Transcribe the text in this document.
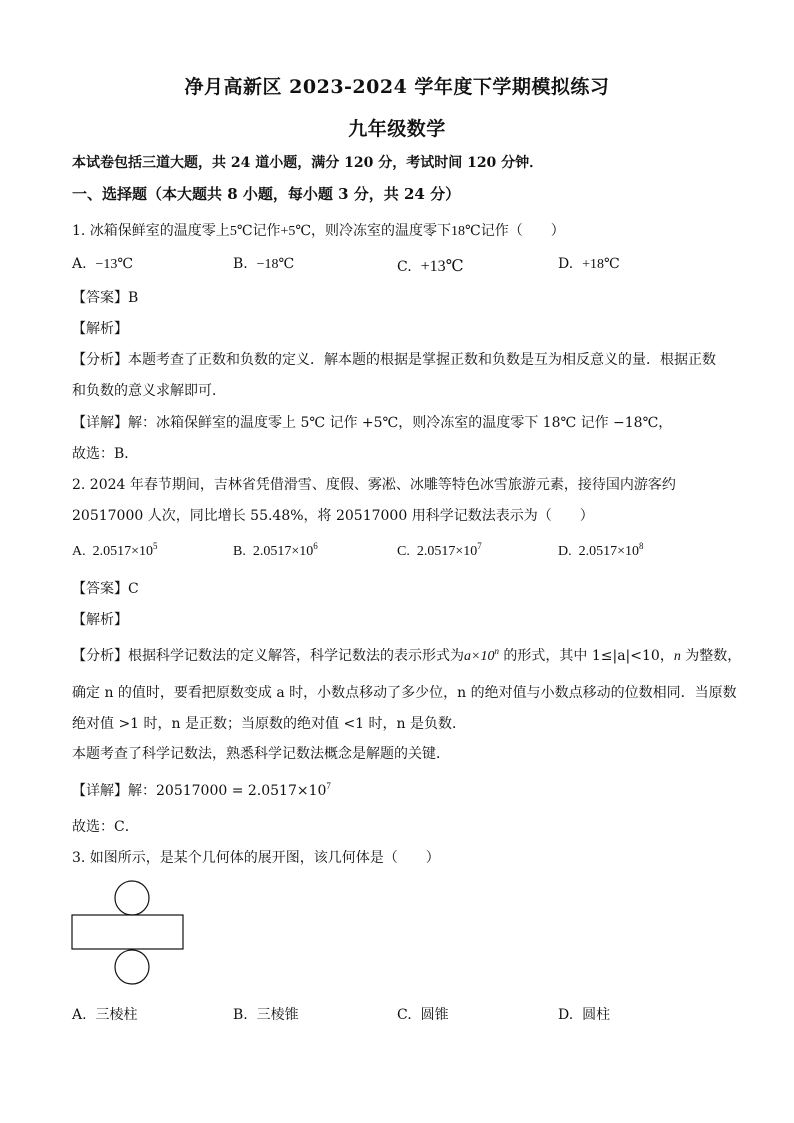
净月高新区 2023-2024 学年度下学期模拟练习
九年级数学
本试卷包括三道大题，共 24 道小题，满分 120 分，考试时间 120 分钟．
一、选择题（本大题共 8 小题，每小题 3 分，共 24 分）
1. 冰箱保鲜室的温度零上5℃记作+5℃，则冷冻室的温度零下18℃记作（　　）
A. −13℃	B. −18℃	C. +13℃	D. +18℃
【答案】B
【解析】
【分析】本题考查了正数和负数的定义．解本题的根据是掌握正数和负数是互为相反意义的量．根据正数
和负数的意义求解即可．
【详解】解：冰箱保鲜室的温度零上 5℃ 记作 +5℃，则冷冻室的温度零下 18℃ 记作 −18℃，
故选：B．
2. 2024 年春节期间，吉林省凭借滑雪、度假、雾凇、冰雕等特色冰雪旅游元素，接待国内游客约
20517000 人次，同比增长 55.48%，将 20517000 用科学记数法表示为（　　）
A. $2.0517\times 10^5$	B. $2.0517\times 10^6$	C. $2.0517\times 10^7$	D. $2.0517\times 10^8$
【答案】C
【解析】
【分析】根据科学记数法的定义解答，科学记数法的表示形式为$a\times 10^n$ 的形式，其中 1≤|a|<10，n 为整数，
确定 n 的值时，要看把原数变成 a 时，小数点移动了多少位，n 的绝对值与小数点移动的位数相同．当原数
绝对值 >1 时，n 是正数；当原数的绝对值 <1 时，n 是负数．
本题考查了科学记数法，熟悉科学记数法概念是解题的关键．
【详解】解：$20517000 = 2.0517\times 10^7$
故选：C．
3. 如图所示，是某个几何体的展开图，该几何体是（　　）
A. 三棱柱	B. 三棱锥	C. 圆锥	D. 圆柱
